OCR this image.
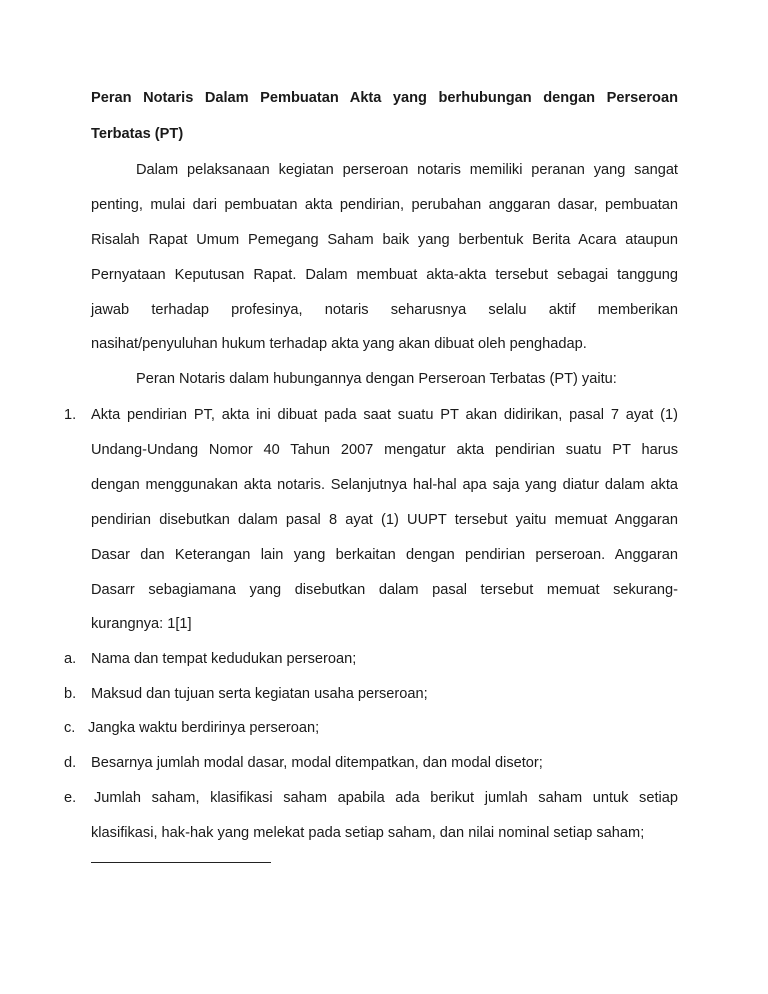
Peran Notaris Dalam Pembuatan Akta yang berhubungan dengan Perseroan
Terbatas (PT)
Dalam pelaksanaan kegiatan perseroan notaris memiliki peranan yang sangat
penting, mulai dari pembuatan akta pendirian, perubahan anggaran dasar, pembuatan
Risalah Rapat Umum Pemegang Saham baik yang berbentuk Berita Acara ataupun
Pernyataan Keputusan Rapat. Dalam membuat akta-akta tersebut sebagai tanggung
jawab terhadap profesinya, notaris seharusnya selalu aktif memberikan
nasihat/penyuluhan hukum terhadap akta yang akan dibuat oleh penghadap.
Peran Notaris dalam hubungannya dengan Perseroan Terbatas (PT) yaitu:
1. Akta pendirian PT, akta ini dibuat pada saat suatu PT akan didirikan, pasal 7 ayat (1)
Undang-Undang Nomor 40 Tahun 2007 mengatur akta pendirian suatu PT harus
dengan menggunakan akta notaris. Selanjutnya hal-hal apa saja yang diatur dalam akta
pendirian disebutkan dalam pasal 8 ayat (1) UUPT tersebut yaitu memuat Anggaran
Dasar dan Keterangan lain yang berkaitan dengan pendirian perseroan. Anggaran
Dasarr sebagiamana yang disebutkan dalam pasal tersebut memuat sekurang-
kurangnya: 1[1]
a. Nama dan tempat kedudukan perseroan;
b. Maksud dan tujuan serta kegiatan usaha perseroan;
c. Jangka waktu berdirinya perseroan;
d. Besarnya jumlah modal dasar, modal ditempatkan, dan modal disetor;
e. Jumlah saham, klasifikasi saham apabila ada berikut jumlah saham untuk setiap
klasifikasi, hak-hak yang melekat pada setiap saham, dan nilai nominal setiap saham;
